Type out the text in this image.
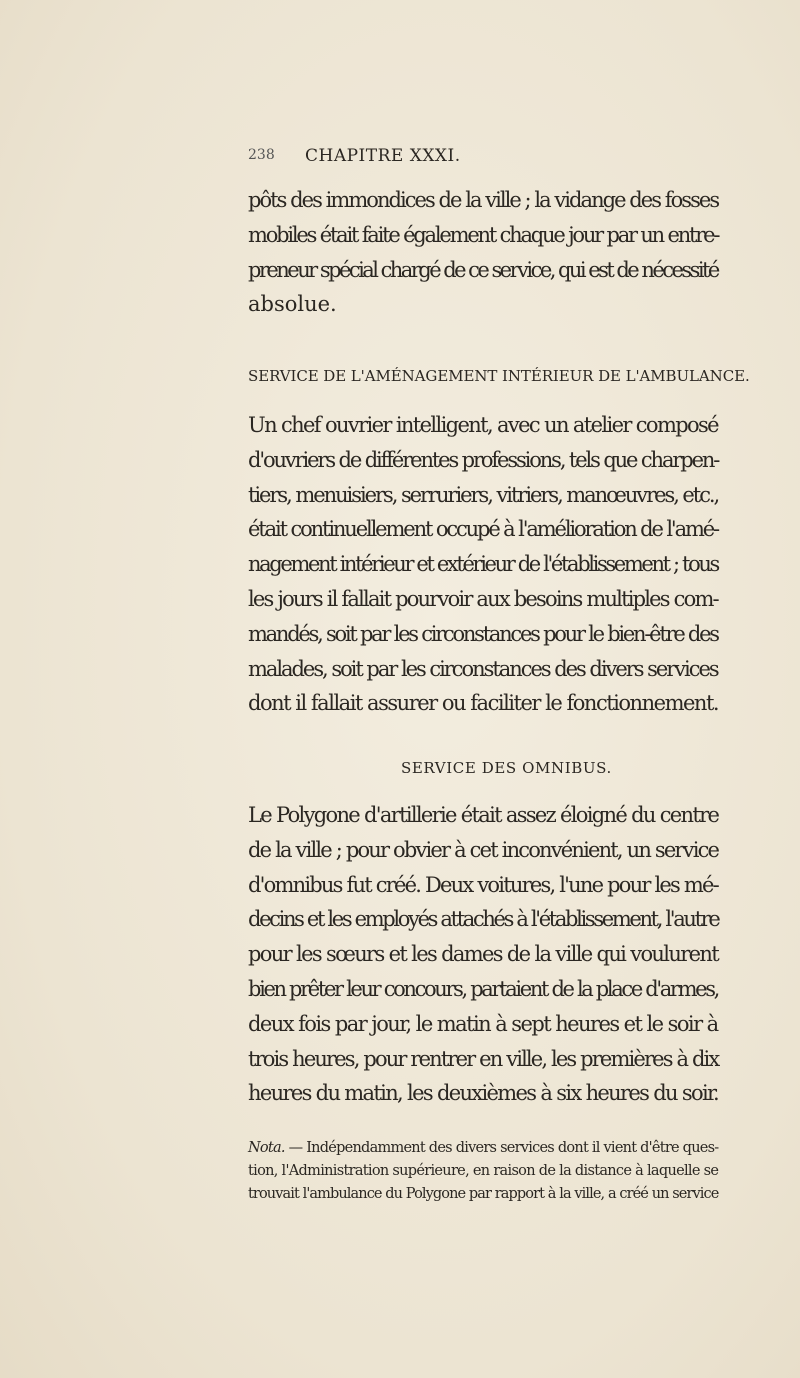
238 CHAPITRE XXXI.

pôts des immondices de la ville ; la vidange des fosses
mobiles était faite également chaque jour par un entre-
preneur spécial chargé de ce service, qui est de nécessité
absolue.

SERVICE DE L'AMÉNAGEMENT INTÉRIEUR DE L'AMBULANCE.

Un chef ouvrier intelligent, avec un atelier composé
d'ouvriers de différentes professions, tels que charpen-
tiers, menuisiers, serruriers, vitriers, manœuvres, etc.,
était continuellement occupé à l'amélioration de l'amé-
nagement intérieur et extérieur de l'établissement ; tous
les jours il fallait pourvoir aux besoins multiples com-
mandés, soit par les circonstances pour le bien-être des
malades, soit par les circonstances des divers services
dont il fallait assurer ou faciliter le fonctionnement.

SERVICE DES OMNIBUS.

Le Polygone d'artillerie était assez éloigné du centre
de la ville ; pour obvier à cet inconvénient, un service
d'omnibus fut créé. Deux voitures, l'une pour les mé-
decins et les employés attachés à l'établissement, l'autre
pour les sœurs et les dames de la ville qui voulurent
bien prêter leur concours, partaient de la place d'armes,
deux fois par jour, le matin à sept heures et le soir à
trois heures, pour rentrer en ville, les premières à dix
heures du matin, les deuxièmes à six heures du soir.

Nota. — Indépendamment des divers services dont il vient d'être ques-
tion, l'Administration supérieure, en raison de la distance à laquelle se
trouvait l'ambulance du Polygone par rapport à la ville, a créé un service
